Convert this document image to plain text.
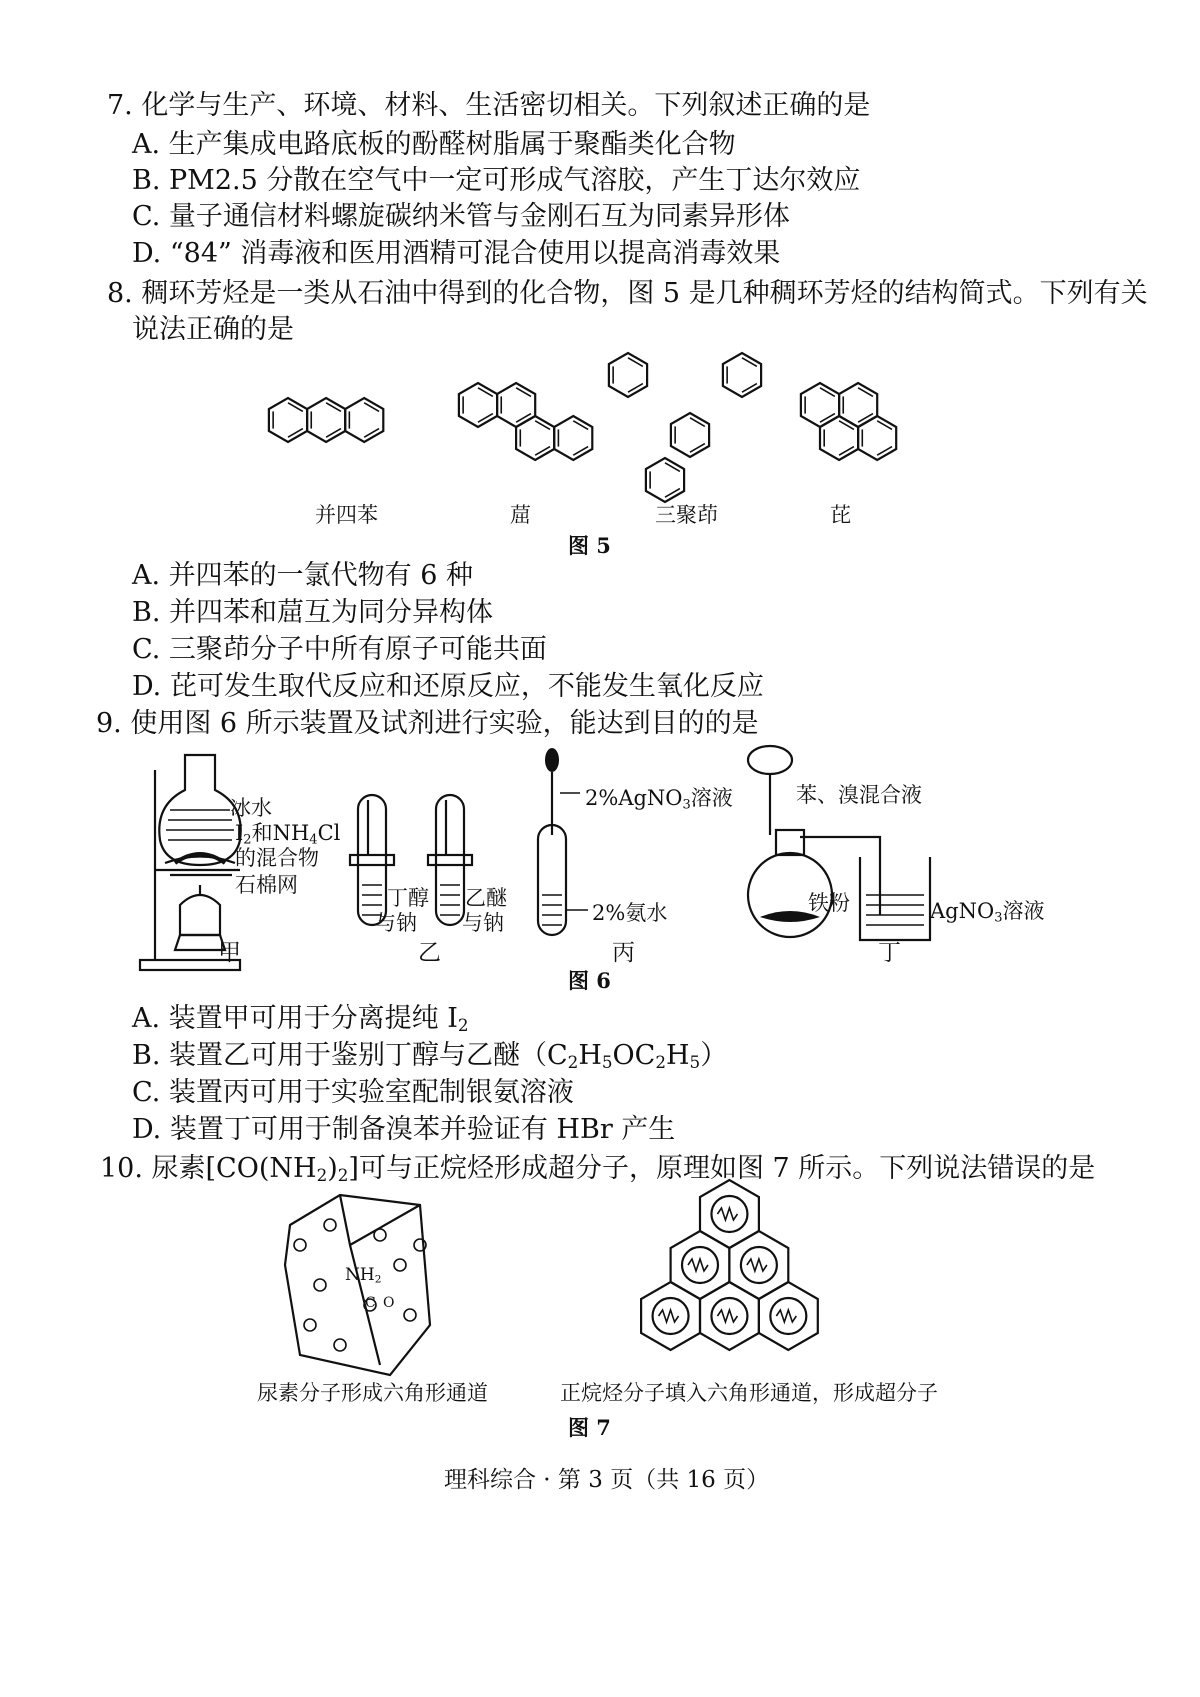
7. 化学与生产、环境、材料、生活密切相关。下列叙述正确的是
A. 生产集成电路底板的酚醛树脂属于聚酯类化合物
B. PM2.5 分散在空气中一定可形成气溶胶，产生丁达尔效应
C. 量子通信材料螺旋碳纳米管与金刚石互为同素异形体
D. “84” 消毒液和医用酒精可混合使用以提高消毒效果
8. 稠环芳烃是一类从石油中得到的化合物，图 5 是几种稠环芳烃的结构简式。下列有关
说法正确的是
并四苯	䓛	三聚茚	芘
图 5
A. 并四苯的一氯代物有 6 种
B. 并四苯和䓛互为同分异构体
C. 三聚茚分子中所有原子可能共面
D. 芘可发生取代反应和还原反应，不能发生氧化反应
9. 使用图 6 所示装置及试剂进行实验，能达到目的的是
冰水
$I_2$和$NH_4Cl$
的混合物
石棉网
丁醇
与钠
乙醚
与钠
2%AgNO$_3$溶液
2%氨水
苯、溴混合液
铁粉	AgNO$_3$溶液
甲	乙	丙	丁
图 6
A. 装置甲可用于分离提纯 $I_2$
B. 装置乙可用于鉴别丁醇与乙醚$(C_2H_5OC_2H_5)$
C. 装置丙可用于实验室配制银氨溶液
D. 装置丁可用于制备溴苯并验证有 HBr 产生
10. 尿素$[CO(NH_2)_2]$可与正烷烃形成超分子，原理如图 7 所示。下列说法错误的是
$NH_2$
C O
尿素分子形成六角形通道	正烷烃分子填入六角形通道，形成超分子
图 7
理科综合 · 第 3 页（共 16 页）
